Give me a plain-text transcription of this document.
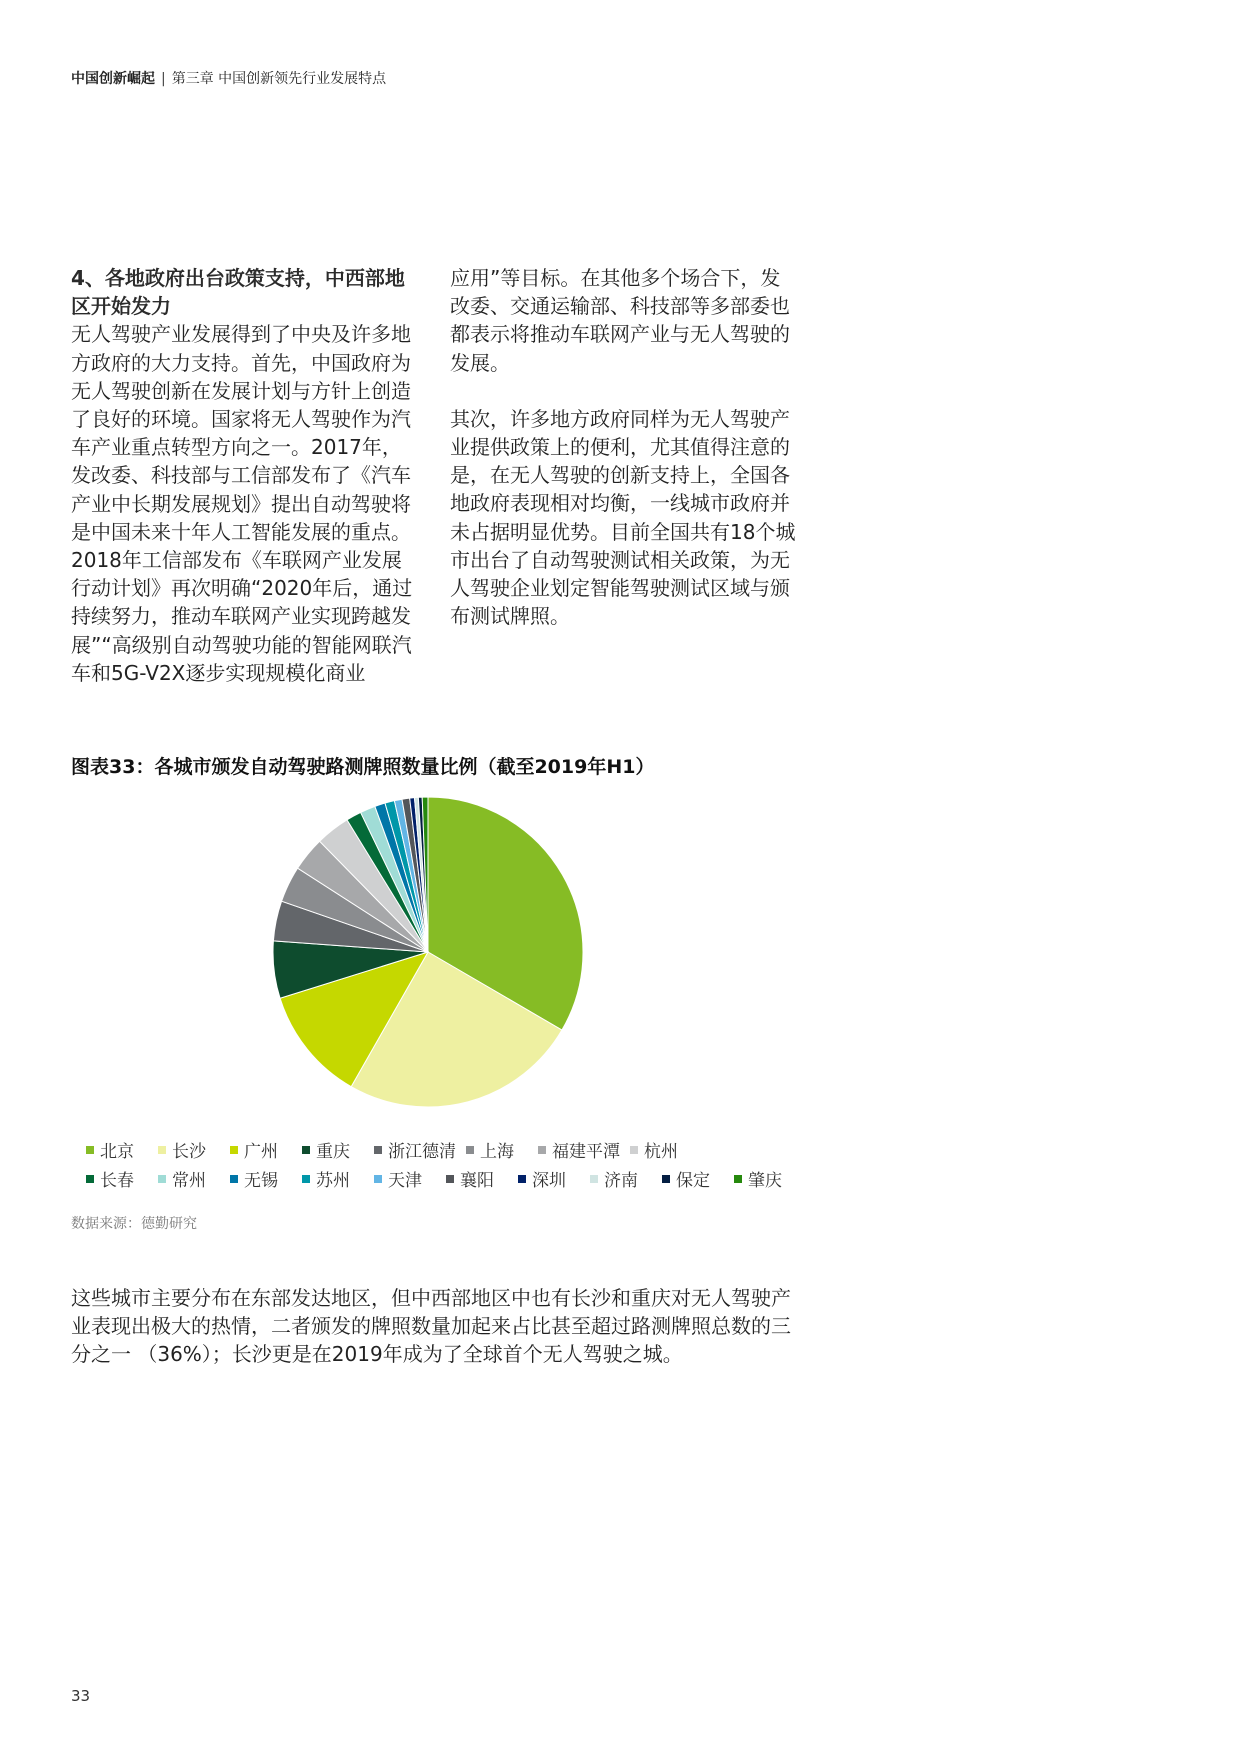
中国创新崛起 | 第三章 中国创新领先行业发展特点

4、各地政府出台政策支持，中西部地

区开始发力

无人驾驶产业发展得到了中央及许多地方政府的大力支持。首先，中国政府为无人驾驶创新在发展计划与方针上创造了良好的环境。国家将无人驾驶作为汽车产业重点转型方向之一。2017年，发改委、科技部与工信部发布了《汽车产业中长期发展规划》提出自动驾驶将是中国未来十年人工智能发展的重点。2018年工信部发布《车联网产业发展行动计划》再次明确“2020年后，通过持续努力，推动车联网产业实现跨越发展”“高级别自动驾驶功能的智能网联汽车和5G-V2X逐步实现规模化商业

应用”等目标。在其他多个场合下，发改委、交通运输部、科技部等多部委也都表示将推动车联网产业与无人驾驶的发展。

其次，许多地方政府同样为无人驾驶产业提供政策上的便利，尤其值得注意的是，在无人驾驶的创新支持上，全国各地政府表现相对均衡，一线城市政府并未占据明显优势。目前全国共有18个城市出台了自动驾驶测试相关政策，为无人驾驶企业划定智能驾驶测试区域与颁布测试牌照。

图表33：各城市颁发自动驾驶路测牌照数量比例（截至2019年H1）
北京 长沙 广州 重庆 浙江德清 上海 福建平潭 杭州
长春 常州 无锡 苏州 天津 襄阳 深圳 济南 保定 肇庆
数据来源：德勤研究
这些城市主要分布在东部发达地区，但中西部地区中也有长沙和重庆对无人驾驶产业表现出极大的热情，二者颁发的牌照数量加起来占比甚至超过路测牌照总数的三分之一 （36%）；长沙更是在2019年成为了全球首个无人驾驶之城。
33
